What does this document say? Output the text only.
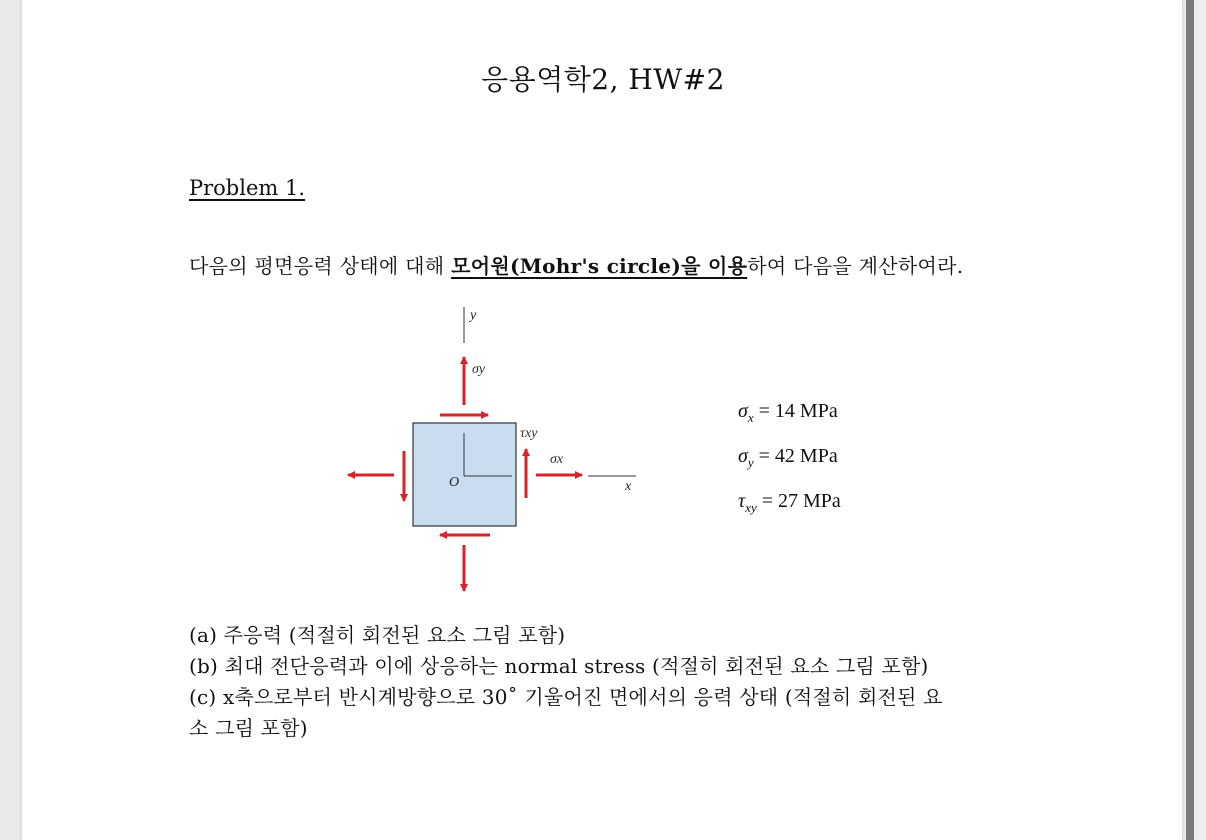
응용역학2, HW#2
Problem 1.
다음의 평면응력 상태에 대해 모어원(Mohr's circle)을 이용하여 다음을 계산하여라.
y
σy
O
τxy
σx
x
$\sigma_x = 14$ MPa
$\sigma_y = 42$ MPa
$\tau_{xy} = 27$ MPa
(a) 주응력 (적절히 회전된 요소 그림 포함)
(b) 최대 전단응력과 이에 상응하는 normal stress (적절히 회전된 요소 그림 포함)
(c) x축으로부터 반시계방향으로 30˚ 기울어진 면에서의 응력 상태 (적절히 회전된 요
소 그림 포함)
